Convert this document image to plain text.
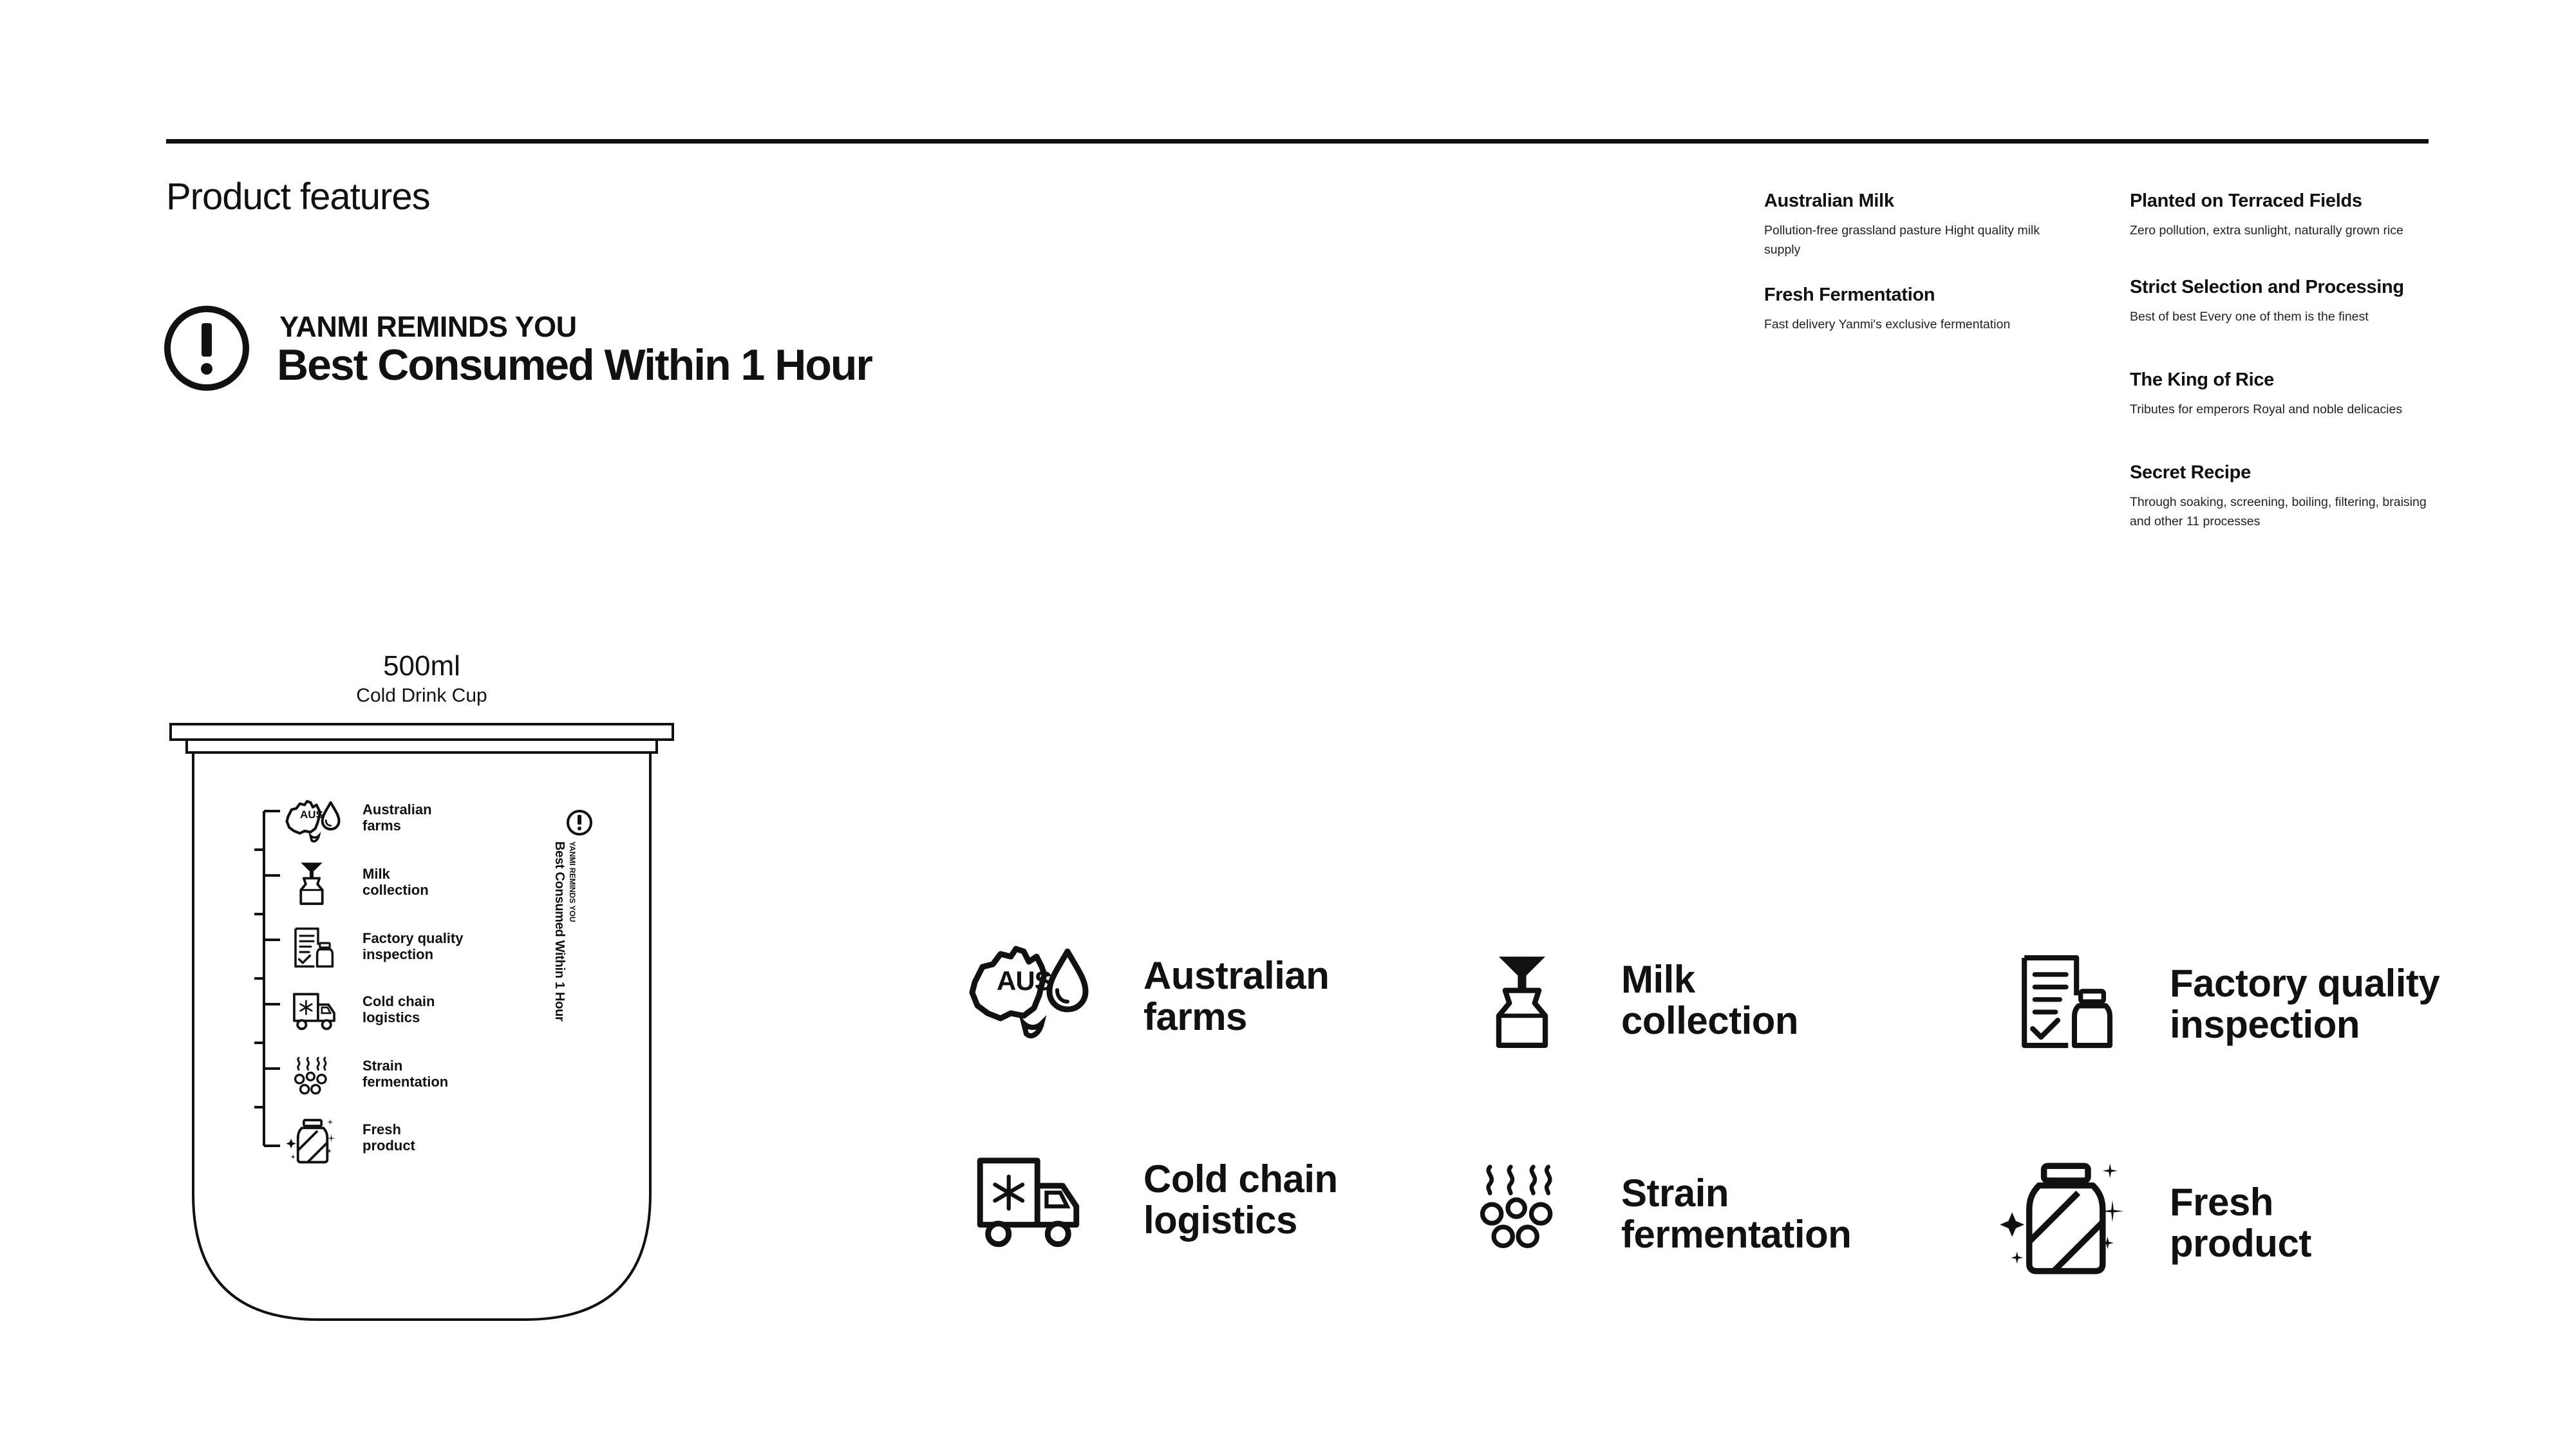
Product features
YANMI REMINDS YOU
Best Consumed Within 1 Hour
Australian Milk
Pollution-free grassland pasture Hight quality milk supply
Fresh Fermentation
Fast delivery Yanmi's exclusive fermentation
Planted on Terraced Fields
Zero pollution, extra sunlight, naturally grown rice
Strict Selection and Processing
Best of best Every one of them is the finest
The King of Rice
Tributes for emperors Royal and noble delicacies
Secret Recipe
Through soaking, screening, boiling, filtering, braising and other 11 processes
500ml
Cold Drink Cup
AUS	Australian
farms
Milk
collection
Factory quality
inspection
Cold chain
logistics
Strain
fermentation
Fresh
product
YANMI REMINDS YOU
Best Consumed Within 1 Hour	AUS Australian
farms
Milk
collection
Factory quality
inspection
Cold chain
logistics
Strain
fermentation
Fresh
product
